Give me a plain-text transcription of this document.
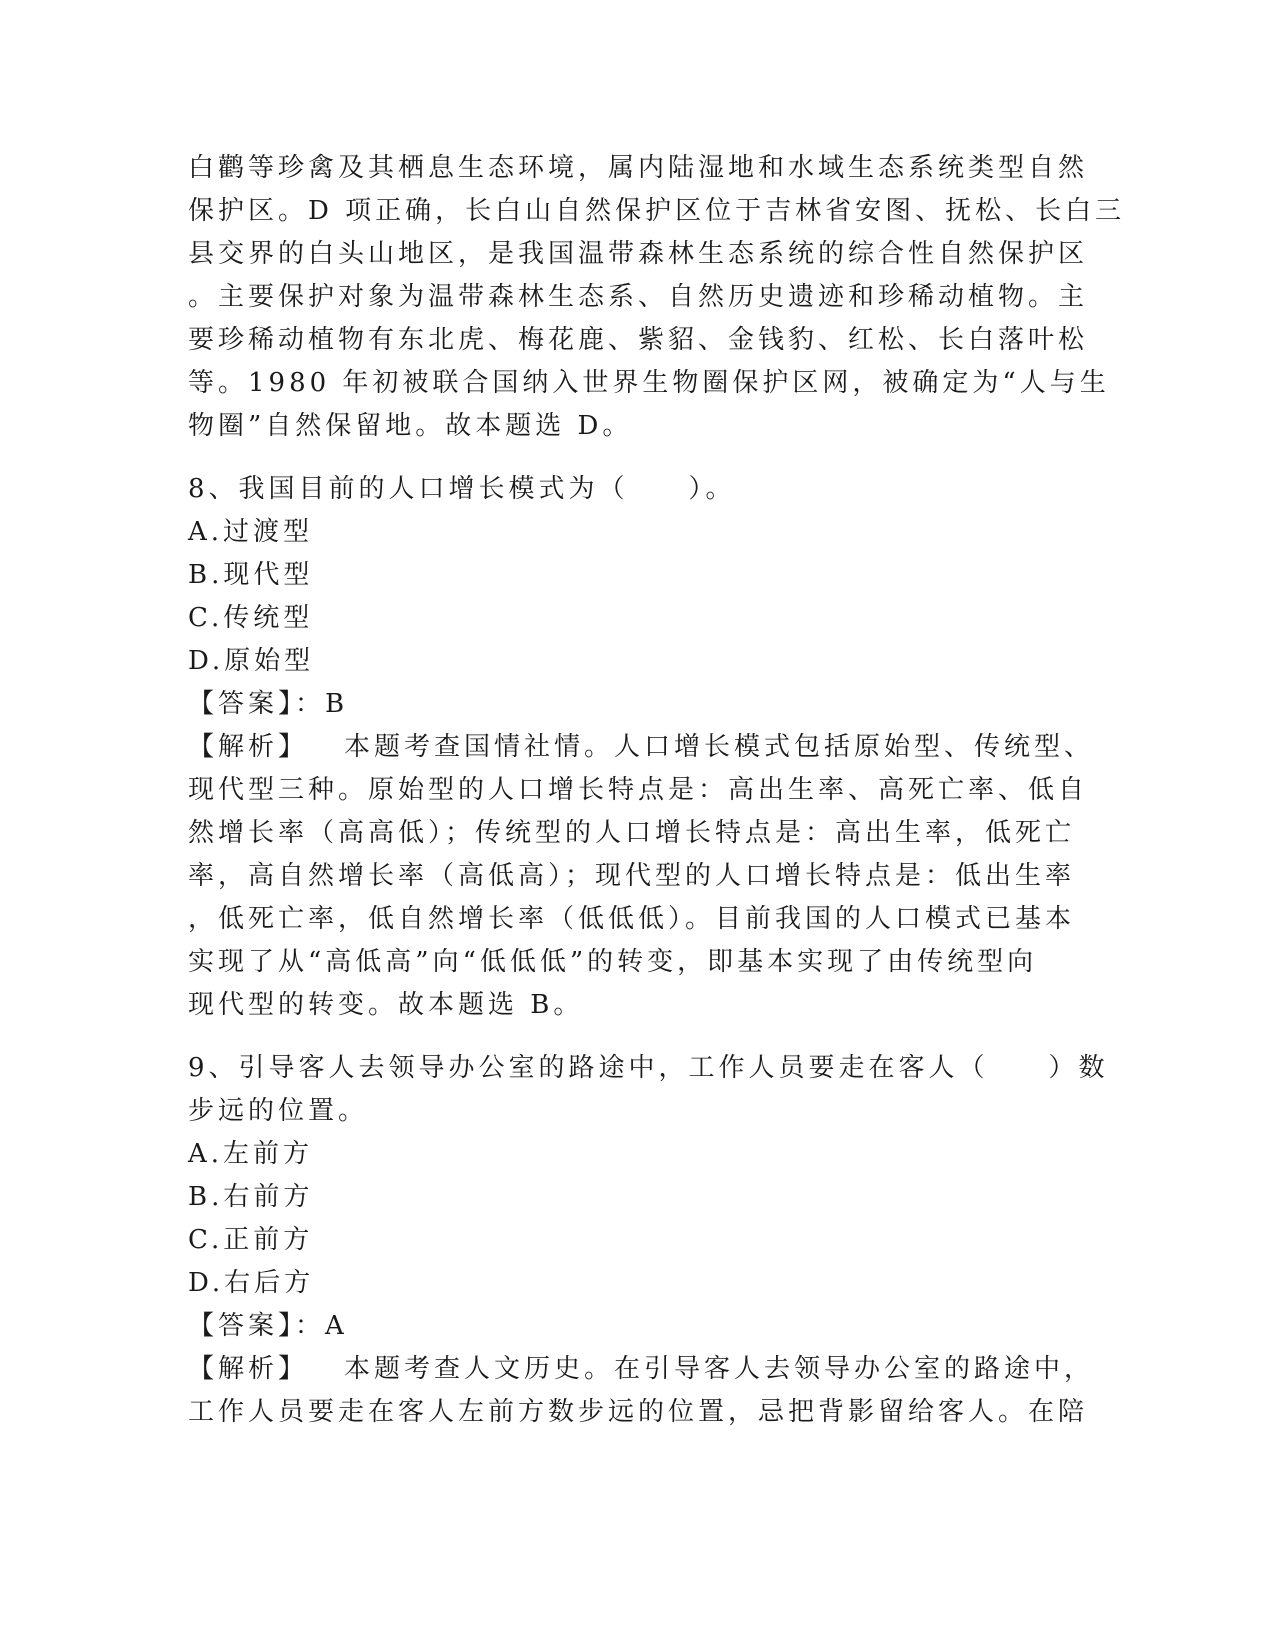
白鹳等珍禽及其栖息生态环境，属内陆湿地和水域生态系统类型自然
保护区。D 项正确，长白山自然保护区位于吉林省安图、抚松、长白三
县交界的白头山地区，是我国温带森林生态系统的综合性自然保护区
。主要保护对象为温带森林生态系、自然历史遗迹和珍稀动植物。主
要珍稀动植物有东北虎、梅花鹿、紫貂、金钱豹、红松、长白落叶松
等。1980 年初被联合国纳入世界生物圈保护区网，被确定为“人与生
物圈”自然保留地。故本题选 D。
8、我国目前的人口增长模式为（　　）。
A.过渡型
B.现代型
C.传统型
D.原始型
【答案】：B
【解析】 本题考查国情社情。人口增长模式包括原始型、传统型、
现代型三种。原始型的人口增长特点是：高出生率、高死亡率、低自
然增长率（高高低）；传统型的人口增长特点是：高出生率，低死亡
率，高自然增长率（高低高）；现代型的人口增长特点是：低出生率
，低死亡率，低自然增长率（低低低）。目前我国的人口模式已基本
实现了从“高低高”向“低低低”的转变，即基本实现了由传统型向
现代型的转变。故本题选 B。
9、引导客人去领导办公室的路途中，工作人员要走在客人（　　）数
步远的位置。
A.左前方
B.右前方
C.正前方
D.右后方
【答案】：A
【解析】 本题考查人文历史。在引导客人去领导办公室的路途中，
工作人员要走在客人左前方数步远的位置，忌把背影留给客人。在陪
